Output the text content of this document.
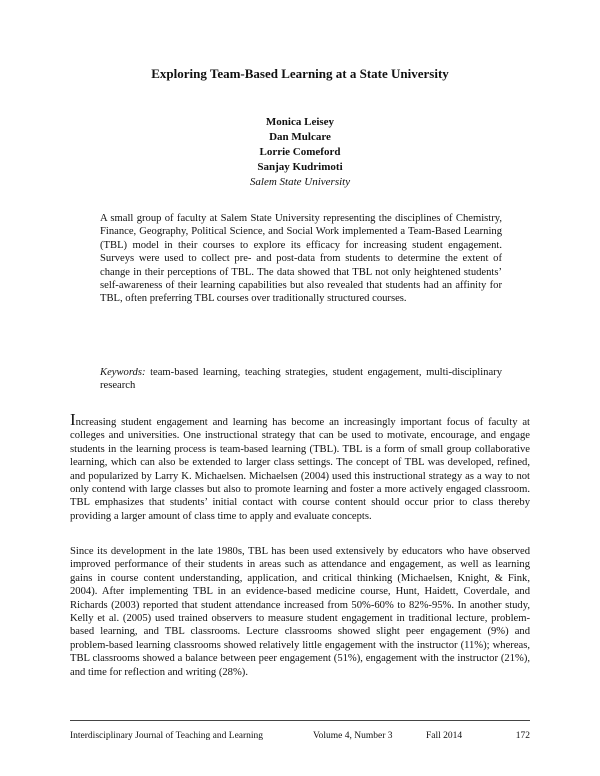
Exploring Team-Based Learning at a State University
Monica Leisey
Dan Mulcare
Lorrie Comeford
Sanjay Kudrimoti
Salem State University

A small group of faculty at Salem State University representing the disciplines of Chemistry, Finance, Geography, Political Science, and Social Work implemented a Team-Based Learning (TBL) model in their courses to explore its efficacy for increasing student engagement. Surveys were used to collect pre- and post-data from students to determine the extent of change in their perceptions of TBL. The data showed that TBL not only heightened students’ self-awareness of their learning capabilities but also revealed that students had an affinity for TBL, often preferring TBL courses over traditionally structured courses.

Keywords: team-based learning, teaching strategies, student engagement, multi-disciplinary research

Increasing student engagement and learning has become an increasingly important focus of faculty at colleges and universities. One instructional strategy that can be used to motivate, encourage, and engage students in the learning process is team-based learning (TBL). TBL is a form of small group collaborative learning, which can also be extended to larger class settings. The concept of TBL was developed, refined, and popularized by Larry K. Michaelsen. Michaelsen (2004) used this instructional strategy as a way to not only contend with large classes but also to promote learning and foster a more actively engaged classroom. TBL emphasizes that students’ initial contact with course content should occur prior to class thereby providing a larger amount of class time to apply and evaluate concepts.

Since its development in the late 1980s, TBL has been used extensively by educators who have observed improved performance of their students in areas such as attendance and engagement, as well as learning gains in course content understanding, application, and critical thinking (Michaelsen, Knight, & Fink, 2004). After implementing TBL in an evidence-based medicine course, Hunt, Haidett, Coverdale, and Richards (2003) reported that student attendance increased from 50%-60% to 82%-95%. In another study, Kelly et al. (2005) used trained observers to measure student engagement in traditional lecture, problem-based learning, and TBL classrooms. Lecture classrooms showed slight peer engagement (9%) and problem-based learning classrooms showed relatively little engagement with the instructor (11%); whereas, TBL classrooms showed a balance between peer engagement (51%), engagement with the instructor (21%), and time for reflection and writing (28%).

Interdisciplinary Journal of Teaching and Learning	Volume 4, Number 3	Fall 2014	172
